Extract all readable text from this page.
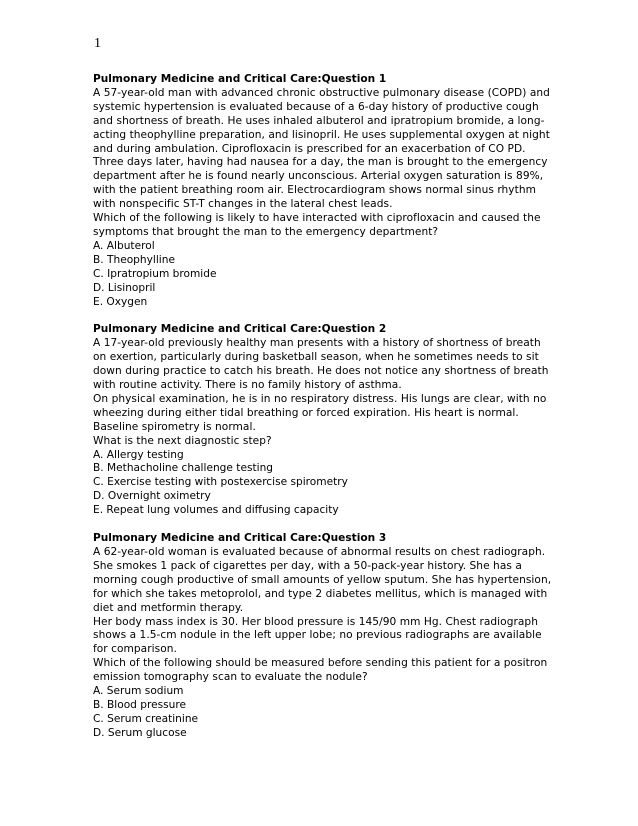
1
Pulmonary Medicine and Critical Care:Question 1
A 57-year-old man with advanced chronic obstructive pulmonary disease (COPD) and
systemic hypertension is evaluated because of a 6-day history of productive cough
and shortness of breath. He uses inhaled albuterol and ipratropium bromide, a long-
acting theophylline preparation, and lisinopril. He uses supplemental oxygen at night
and during ambulation. Ciprofloxacin is prescribed for an exacerbation of CO PD.
Three days later, having had nausea for a day, the man is brought to the emergency
department after he is found nearly unconscious. Arterial oxygen saturation is 89%,
with the patient breathing room air. Electrocardiogram shows normal sinus rhythm
with nonspecific ST-T changes in the lateral chest leads.
Which of the following is likely to have interacted with ciprofloxacin and caused the
symptoms that brought the man to the emergency department?
A. Albuterol
B. Theophylline
C. Ipratropium bromide
D. Lisinopril
E. Oxygen
Pulmonary Medicine and Critical Care:Question 2
A 17-year-old previously healthy man presents with a history of shortness of breath
on exertion, particularly during basketball season, when he sometimes needs to sit
down during practice to catch his breath. He does not notice any shortness of breath
with routine activity. There is no family history of asthma.
On physical examination, he is in no respiratory distress. His lungs are clear, with no
wheezing during either tidal breathing or forced expiration. His heart is normal.
Baseline spirometry is normal.
What is the next diagnostic step?
A. Allergy testing
B. Methacholine challenge testing
C. Exercise testing with postexercise spirometry
D. Overnight oximetry
E. Repeat lung volumes and diffusing capacity
Pulmonary Medicine and Critical Care:Question 3
A 62-year-old woman is evaluated because of abnormal results on chest radiograph.
She smokes 1 pack of cigarettes per day, with a 50-pack-year history. She has a
morning cough productive of small amounts of yellow sputum. She has hypertension,
for which she takes metoprolol, and type 2 diabetes mellitus, which is managed with
diet and metformin therapy.
Her body mass index is 30. Her blood pressure is 145/90 mm Hg. Chest radiograph
shows a 1.5-cm nodule in the left upper lobe; no previous radiographs are available
for comparison.
Which of the following should be measured before sending this patient for a positron
emission tomography scan to evaluate the nodule?
A. Serum sodium
B. Blood pressure
C. Serum creatinine
D. Serum glucose
